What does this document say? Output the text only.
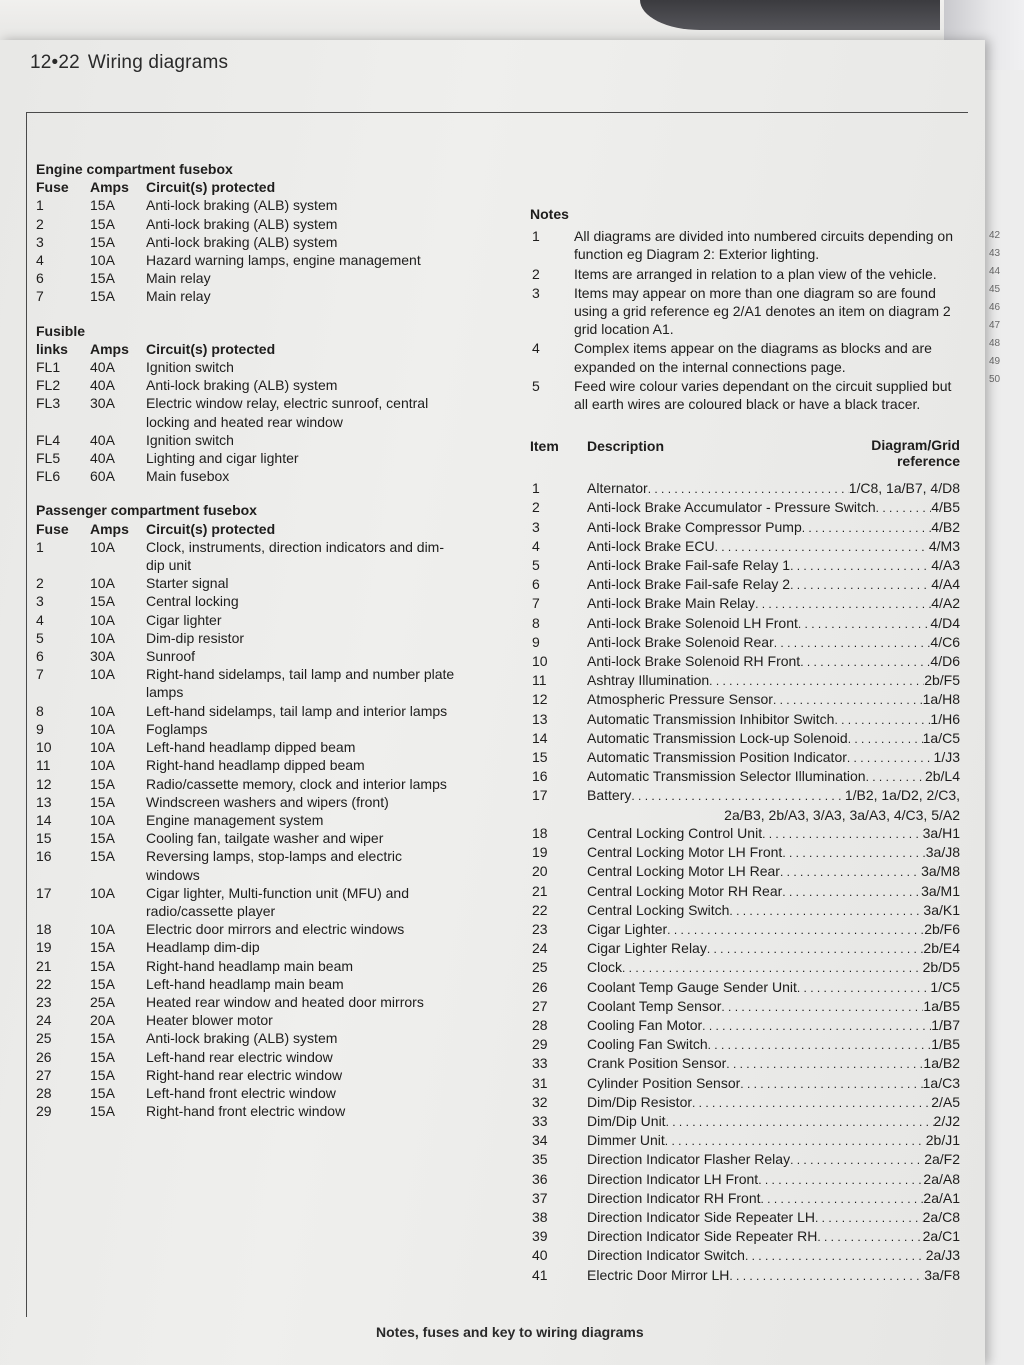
42
43
44
45
46
47
48
49
50
12•22 Wiring diagrams
Engine compartment fusebox
Fuse	Amps	Circuit(s) protected
1	15A	Anti-lock braking (ALB) system
2	15A	Anti-lock braking (ALB) system
3	15A	Anti-lock braking (ALB) system
4	10A	Hazard warning lamps, engine management
6	15A	Main relay
7	15A	Main relay
Fusible
links	Amps	Circuit(s) protected
FL1	40A	Ignition switch
FL2	40A	Anti-lock braking (ALB) system
FL3	30A	Electric window relay, electric sunroof, central locking and heated rear window
FL4	40A	Ignition switch
FL5	40A	Lighting and cigar lighter
FL6	60A	Main fusebox
Passenger compartment fusebox
Fuse	Amps	Circuit(s) protected
1	10A	Clock, instruments, direction indicators and dim-dip unit
2	10A	Starter signal
3	15A	Central locking
4	10A	Cigar lighter
5	10A	Dim-dip resistor
6	30A	Sunroof
7	10A	Right-hand sidelamps, tail lamp and number plate lamps
8	10A	Left-hand sidelamps, tail lamp and interior lamps
9	10A	Foglamps
10	10A	Left-hand headlamp dipped beam
11	10A	Right-hand headlamp dipped beam
12	15A	Radio/cassette memory, clock and interior lamps
13	15A	Windscreen washers and wipers (front)
14	10A	Engine management system
15	15A	Cooling fan, tailgate washer and wiper
16	15A	Reversing lamps, stop-lamps and electric windows
17	10A	Cigar lighter, Multi-function unit (MFU) and radio/cassette player
18	10A	Electric door mirrors and electric windows
19	15A	Headlamp dim-dip
21	15A	Right-hand headlamp main beam
22	15A	Left-hand headlamp main beam
23	25A	Heated rear window and heated door mirrors
24	20A	Heater blower motor
25	15A	Anti-lock braking (ALB) system
26	15A	Left-hand rear electric window
27	15A	Right-hand rear electric window
28	15A	Left-hand front electric window
29	15A	Right-hand front electric window
Notes
1	All diagrams are divided into numbered circuits depending on function eg Diagram 2: Exterior lighting.
2	Items are arranged in relation to a plan view of the vehicle.
3	Items may appear on more than one diagram so are found using a grid reference eg 2/A1 denotes an item on diagram 2 grid location A1.
4	Complex items appear on the diagrams as blocks and are expanded on the internal connections page.
5	Feed wire colour varies dependant on the circuit supplied but all earth wires are coloured black or have a black tracer.
Item	Description	Diagram/Grid reference
1	Alternator . . .	1/C8, 1a/B7, 4/D8
2	Anti-lock Brake Accumulator - Pressure Switch . . .	4/B5
3	Anti-lock Brake Compressor Pump . . .	4/B2
4	Anti-lock Brake ECU . . .	4/M3
5	Anti-lock Brake Fail-safe Relay 1 . . .	4/A3
6	Anti-lock Brake Fail-safe Relay 2 . . .	4/A4
7	Anti-lock Brake Main Relay . . .	4/A2
8	Anti-lock Brake Solenoid LH Front . . .	4/D4
9	Anti-lock Brake Solenoid Rear . . .	4/C6
10	Anti-lock Brake Solenoid RH Front . . .	4/D6
11	Ashtray Illumination . . .	2b/F5
12	Atmospheric Pressure Sensor . . .	1a/H8
13	Automatic Transmission Inhibitor Switch . . .	1/H6
14	Automatic Transmission Lock-up Solenoid . . .	1a/C5
15	Automatic Transmission Position Indicator . . .	1/J3
16	Automatic Transmission Selector Illumination . . .	2b/L4
17	Battery . . .	1/B2, 1a/D2, 2/C3,
2a/B3, 2b/A3, 3/A3, 3a/A3, 4/C3, 5/A2
18	Central Locking Control Unit . . .	3a/H1
19	Central Locking Motor LH Front . . .	3a/J8
20	Central Locking Motor LH Rear . . .	3a/M8
21	Central Locking Motor RH Rear . . .	3a/M1
22	Central Locking Switch . . .	3a/K1
23	Cigar Lighter . . .	2b/F6
24	Cigar Lighter Relay . . .	2b/E4
25	Clock . . .	2b/D5
26	Coolant Temp Gauge Sender Unit . . .	1/C5
27	Coolant Temp Sensor . . .	1a/B5
28	Cooling Fan Motor . . .	1/B7
29	Cooling Fan Switch . . .	1/B5
33	Crank Position Sensor . . .	1a/B2
31	Cylinder Position Sensor . . .	1a/C3
32	Dim/Dip Resistor . . .	2/A5
33	Dim/Dip Unit . . .	2/J2
34	Dimmer Unit . . .	2b/J1
35	Direction Indicator Flasher Relay . . .	2a/F2
36	Direction Indicator LH Front . . .	2a/A8
37	Direction Indicator RH Front . . .	2a/A1
38	Direction Indicator Side Repeater LH . . .	2a/C8
39	Direction Indicator Side Repeater RH . . .	2a/C1
40	Direction Indicator Switch . . .	2a/J3
41	Electric Door Mirror LH . . .	3a/F8
Notes, fuses and key to wiring diagrams
